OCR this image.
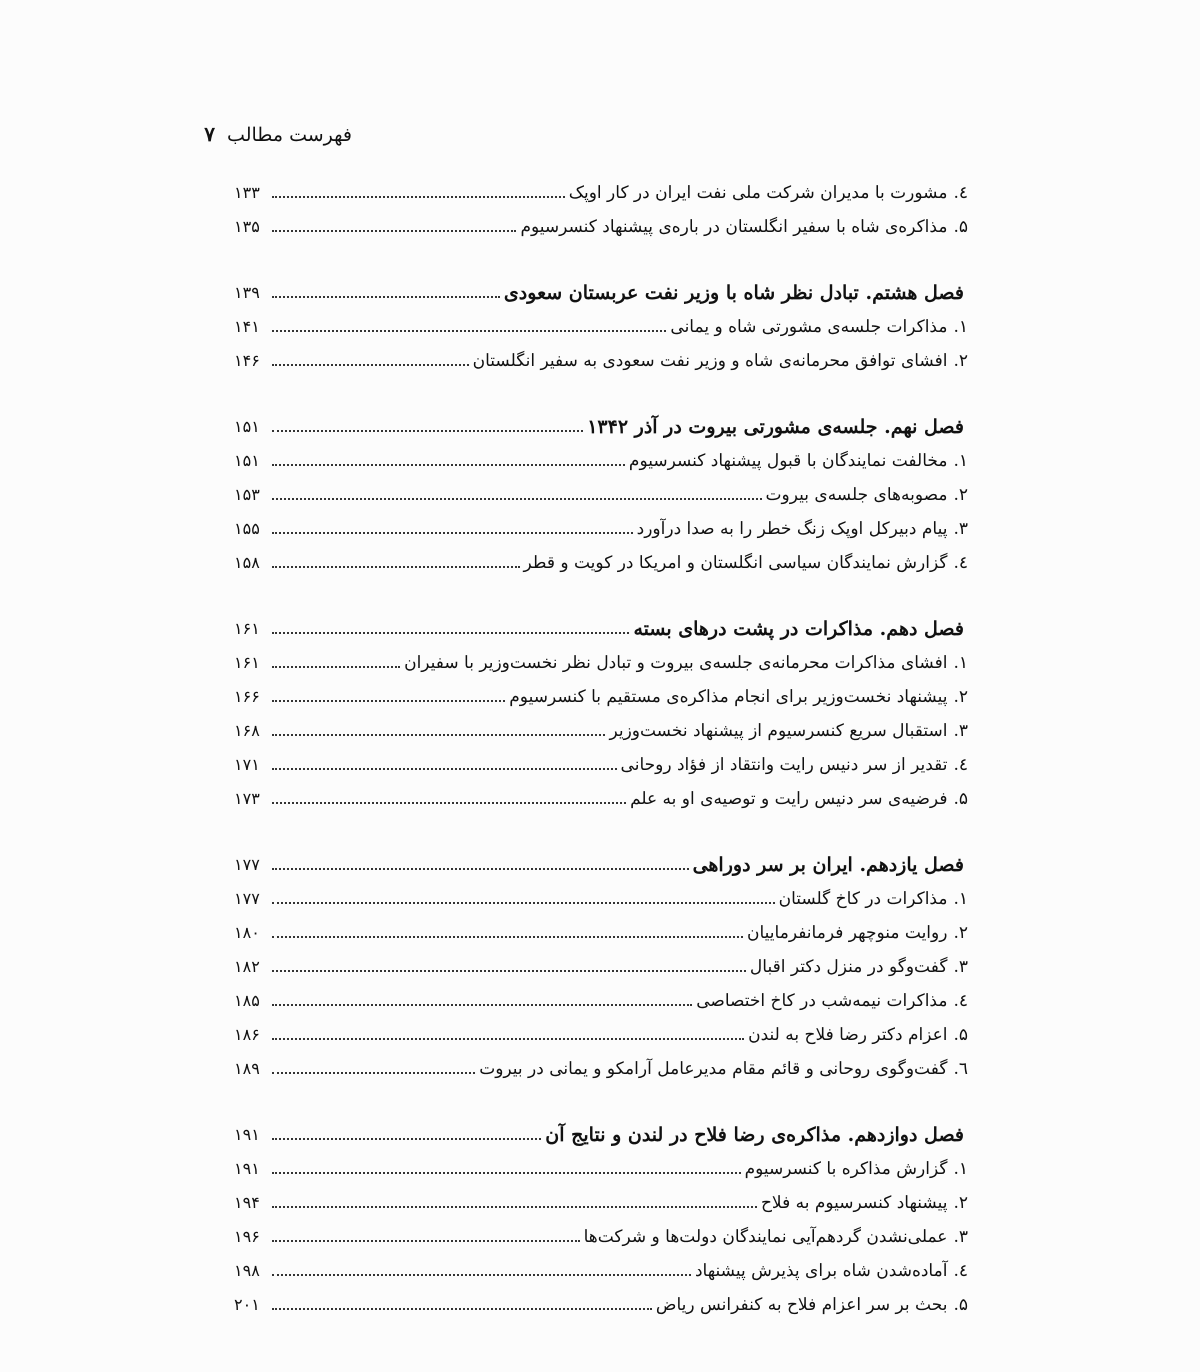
فهرست مطالب
۷
٤.
مشورت با مدیران شرکت ملی نفت ایران در کار اوپک
۱۳۳
۵.
مذاکره‌ی شاه با سفیر انگلستان در باره‌ی پیشنهاد کنسرسیوم
۱۳۵
فصل هشتم. تبادل نظر شاه با وزیر نفت عربستان سعودی
۱۳۹
۱.
مذاکرات جلسه‌ی مشورتی شاه و یمانی
۱۴۱
۲.
افشای توافق محرمانه‌ی شاه و وزیر نفت سعودی به سفیر انگلستان
۱۴۶
فصل نهم. جلسه‌ی مشورتی بیروت در آذر ۱۳۴۲
۱۵۱
۱.
مخالفت نمایندگان با قبول پیشنهاد کنسرسیوم
۱۵۱
۲.
مصوبه‌های جلسه‌ی بیروت
۱۵۳
۳.
پیام دبیرکل اوپک زنگ خطر را به صدا درآورد
۱۵۵
٤.
گزارش نمایندگان سیاسی انگلستان و امریکا در کویت و قطر
۱۵۸
فصل دهم. مذاکرات در پشت درهای بسته
۱۶۱
۱.
افشای مذاکرات محرمانه‌ی جلسه‌ی بیروت و تبادل نظر نخست‌وزیر با سفیران
۱۶۱
۲.
پیشنهاد نخست‌وزیر برای انجام مذاکره‌ی مستقیم با کنسرسیوم
۱۶۶
۳.
استقبال سریع کنسرسیوم از پیشنهاد نخست‌وزیر
۱۶۸
٤.
تقدیر از سر دنیس رایت وانتقاد از فؤاد روحانی
۱۷۱
۵.
فرضیه‌ی سر دنیس رایت و توصیه‌ی او به علم
۱۷۳
فصل یازدهم. ایران بر سر دوراهی
۱۷۷
۱.
مذاکرات در کاخ گلستان
۱۷۷
۲.
روایت منوچهر فرمانفرماییان
۱۸۰
۳.
گفت‌وگو در منزل دکتر اقبال
۱۸۲
٤.
مذاکرات نیمه‌شب در کاخ اختصاصی
۱۸۵
۵.
اعزام دکتر رضا فلاح به لندن
۱۸۶
٦.
گفت‌وگوی روحانی و قائم مقام مدیرعامل آرامکو و یمانی در بیروت
۱۸۹
فصل دوازدهم. مذاکره‌ی رضا فلاح در لندن و نتایج آن
۱۹۱
۱.
گزارش مذاکره با کنسرسیوم
۱۹۱
۲.
پیشنهاد کنسرسیوم به فلاح
۱۹۴
۳.
عملی‌نشدن گردهم‌آیی نمایندگان دولت‌ها و شرکت‌ها
۱۹۶
٤.
آماده‌شدن شاه برای پذیرش پیشنهاد
۱۹۸
۵.
بحث بر سر اعزام فلاح به کنفرانس ریاض
۲۰۱
